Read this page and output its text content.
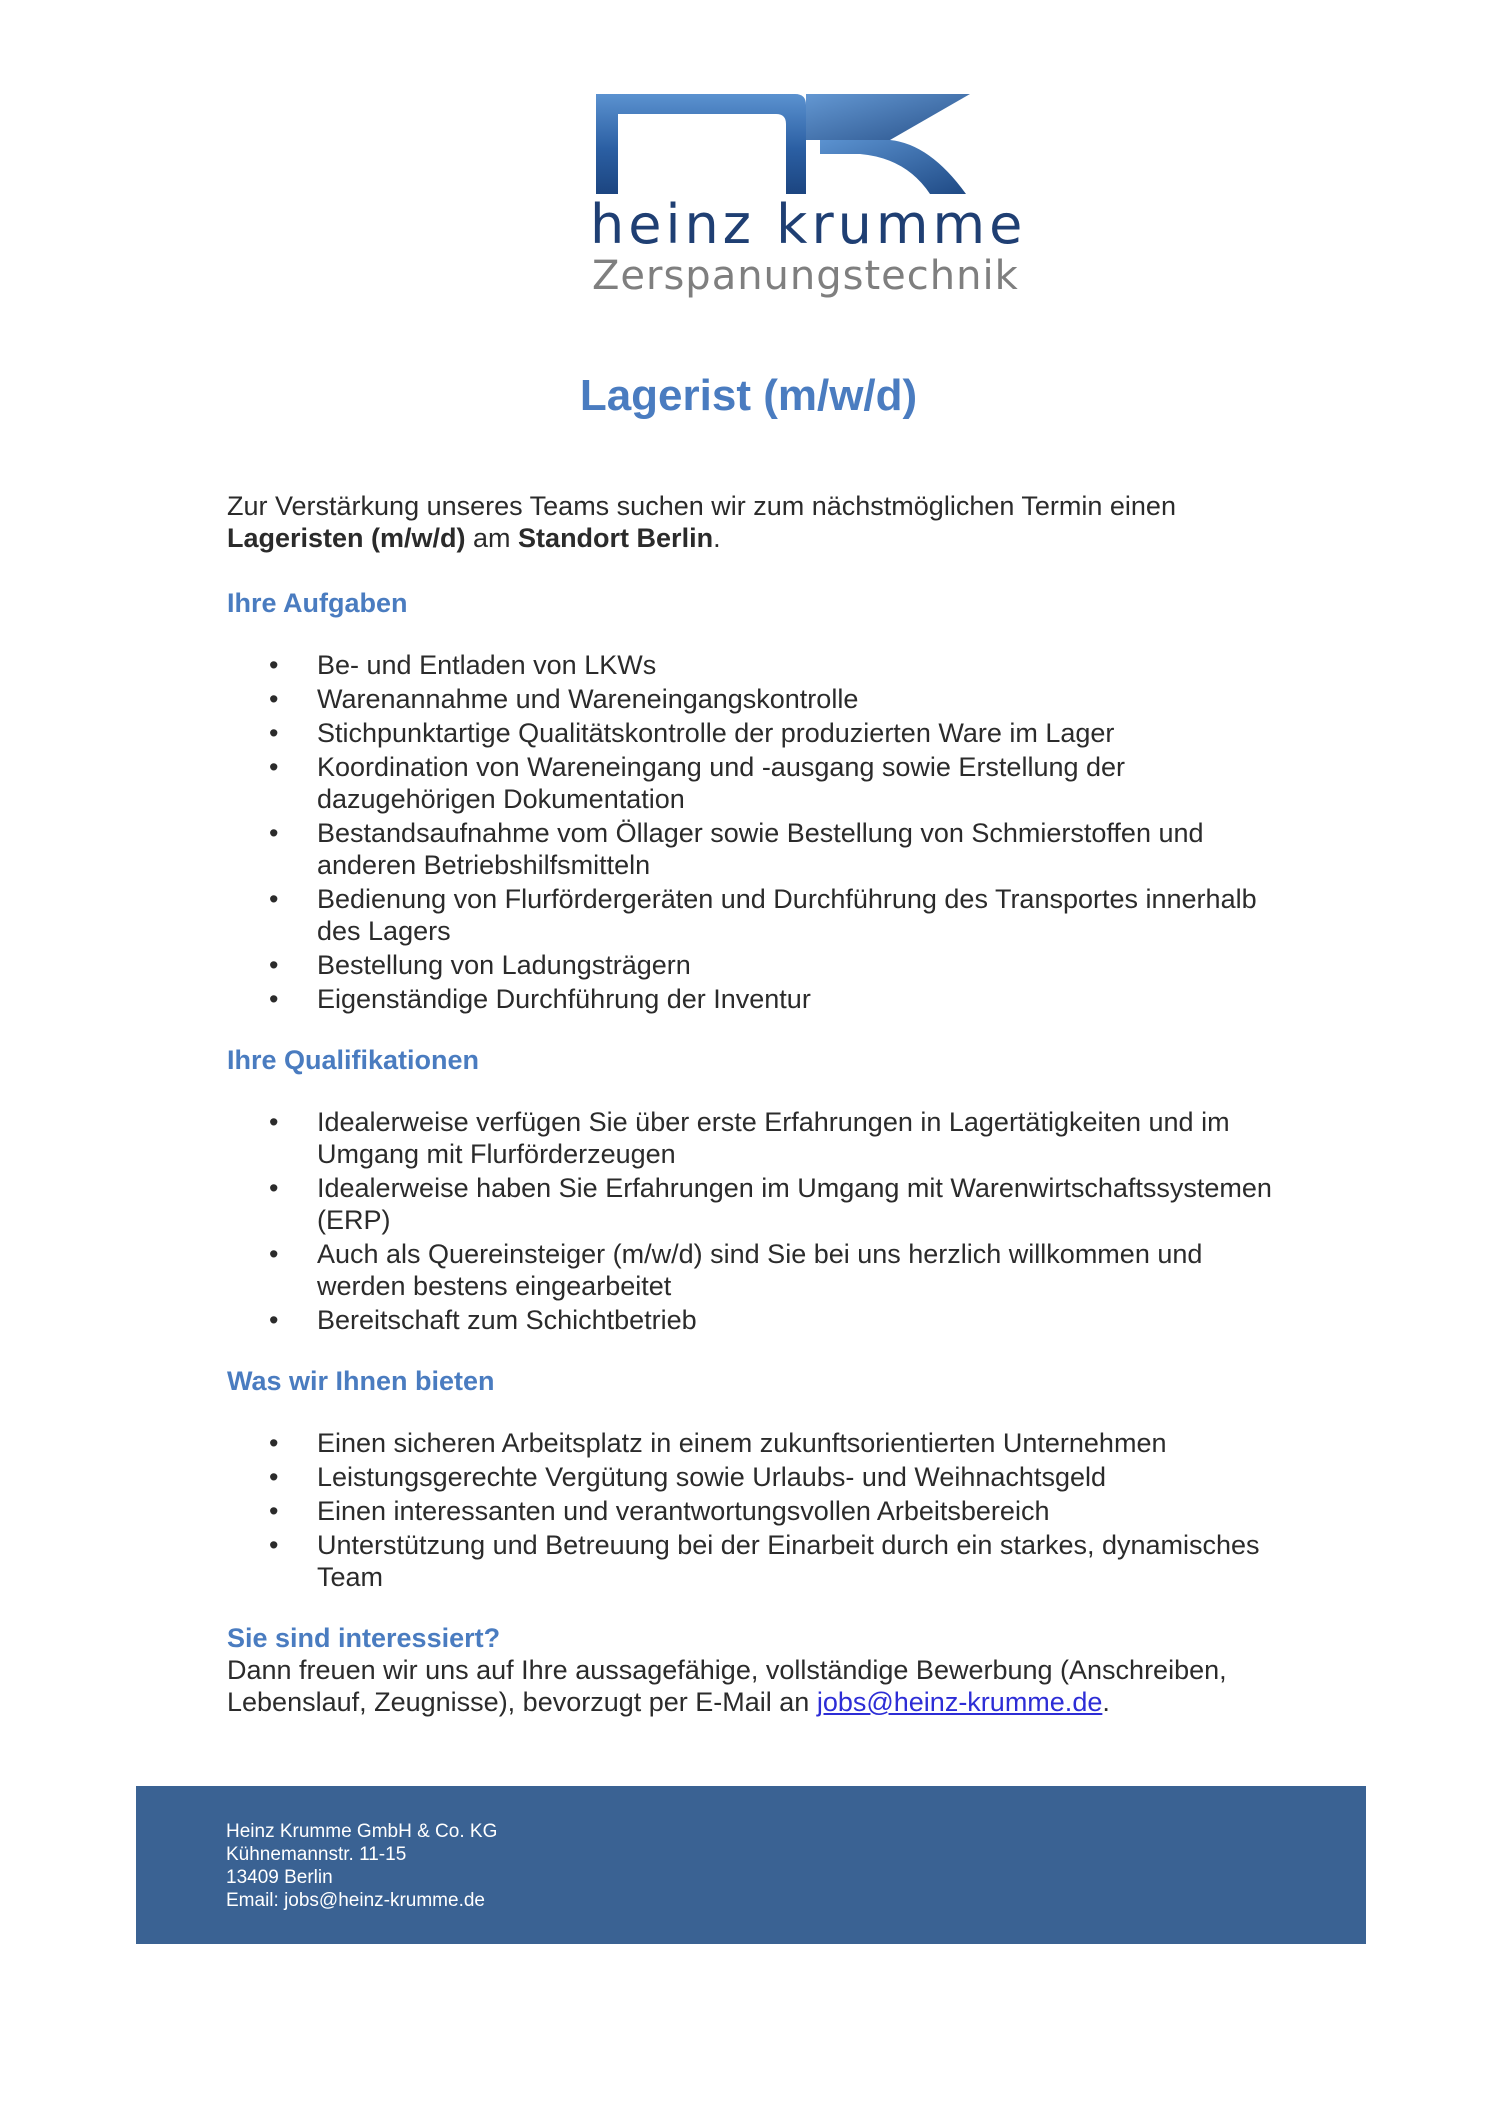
heinz krumme
Zerspanungstechnik
Lagerist (m/w/d)

Zur Verstärkung unseres Teams suchen wir zum nächstmöglichen Termin einen Lageristen (m/w/d) am Standort Berlin.

Ihre Aufgaben
• Be- und Entladen von LKWs
• Warenannahme und Wareneingangskontrolle
• Stichpunktartige Qualitätskontrolle der produzierten Ware im Lager
• Koordination von Wareneingang und -ausgang sowie Erstellung der dazugehörigen Dokumentation
• Bestandsaufnahme vom Öllager sowie Bestellung von Schmierstoffen und anderen Betriebshilfsmitteln
• Bedienung von Flurfördergeräten und Durchführung des Transportes innerhalb des Lagers
• Bestellung von Ladungsträgern
• Eigenständige Durchführung der Inventur
Ihre Qualifikationen
• Idealerweise verfügen Sie über erste Erfahrungen in Lagertätigkeiten und im Umgang mit Flurförderzeugen
• Idealerweise haben Sie Erfahrungen im Umgang mit Warenwirtschaftssystemen (ERP)
• Auch als Quereinsteiger (m/w/d) sind Sie bei uns herzlich willkommen und werden bestens eingearbeitet
• Bereitschaft zum Schichtbetrieb
Was wir Ihnen bieten
• Einen sicheren Arbeitsplatz in einem zukunftsorientierten Unternehmen
• Leistungsgerechte Vergütung sowie Urlaubs- und Weihnachtsgeld
• Einen interessanten und verantwortungsvollen Arbeitsbereich
• Unterstützung und Betreuung bei der Einarbeit durch ein starkes, dynamisches Team
Sie sind interessiert?

Dann freuen wir uns auf Ihre aussagefähige, vollständige Bewerbung (Anschreiben, Lebenslauf, Zeugnisse), bevorzugt per E-Mail an jobs@heinz-krumme.de.

Heinz Krumme GmbH & Co. KG
Kühnemannstr. 11-15
13409 Berlin
Email: jobs@heinz-krumme.de
